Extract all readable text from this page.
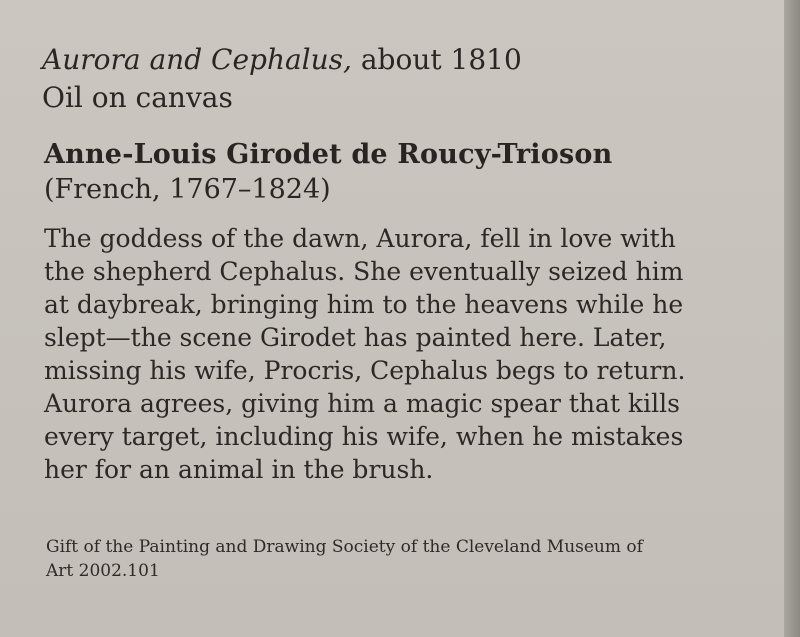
Aurora and Cephalus, about 1810
Oil on canvas
Anne-Louis Girodet de Roucy-Trioson
(French, 1767–1824)

The goddess of the dawn, Aurora, fell in love with
the shepherd Cephalus. She eventually seized him
at daybreak, bringing him to the heavens while he
slept—the scene Girodet has painted here. Later,
missing his wife, Procris, Cephalus begs to return.
Aurora agrees, giving him a magic spear that kills
every target, including his wife, when he mistakes
her for an animal in the brush.

Gift of the Painting and Drawing Society of the Cleveland Museum of
Art 2002.101
